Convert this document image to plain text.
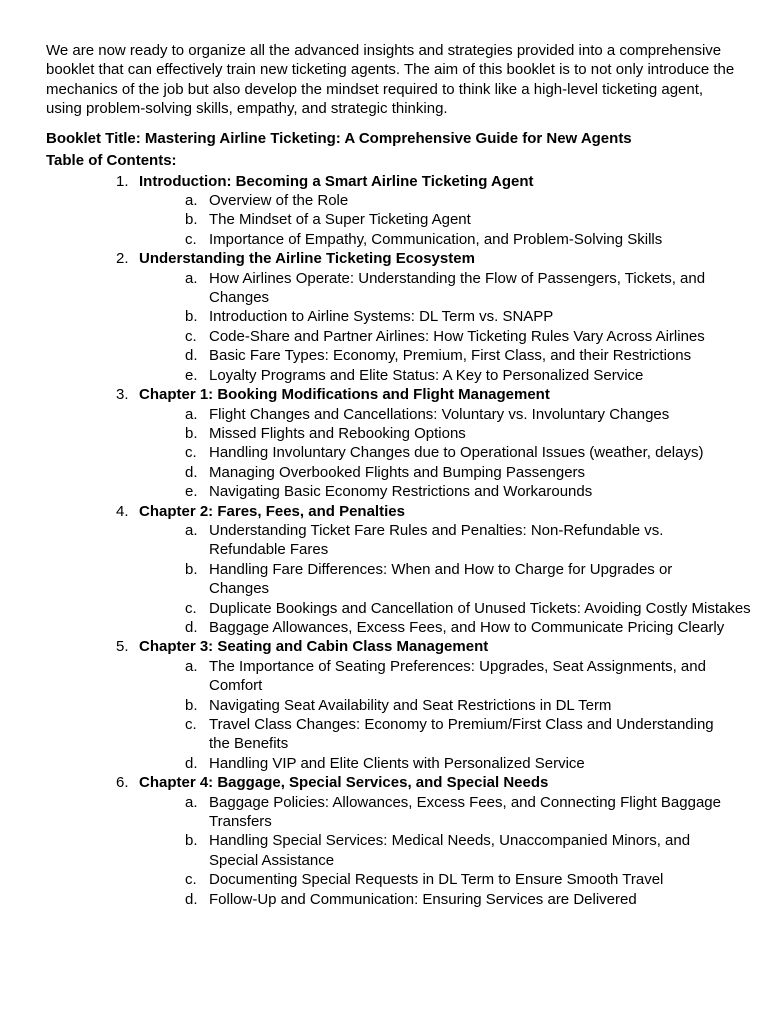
We are now ready to organize all the advanced insights and strategies provided into a comprehensive booklet that can effectively train new ticketing agents. The aim of this booklet is to not only introduce the mechanics of the job but also develop the mindset required to think like a high-level ticketing agent, using problem-solving skills, empathy, and strategic thinking.

Booklet Title: Mastering Airline Ticketing: A Comprehensive Guide for New Agents

Table of Contents:

1. Introduction: Becoming a Smart Airline Ticketing Agent
a. Overview of the Role
b. The Mindset of a Super Ticketing Agent
c. Importance of Empathy, Communication, and Problem-Solving Skills
2. Understanding the Airline Ticketing Ecosystem
a. How Airlines Operate: Understanding the Flow of Passengers, Tickets, and Changes
b. Introduction to Airline Systems: DL Term vs. SNAPP
c. Code-Share and Partner Airlines: How Ticketing Rules Vary Across Airlines
d. Basic Fare Types: Economy, Premium, First Class, and their Restrictions
e. Loyalty Programs and Elite Status: A Key to Personalized Service
3. Chapter 1: Booking Modifications and Flight Management
a. Flight Changes and Cancellations: Voluntary vs. Involuntary Changes
b. Missed Flights and Rebooking Options
c. Handling Involuntary Changes due to Operational Issues (weather, delays)
d. Managing Overbooked Flights and Bumping Passengers
e. Navigating Basic Economy Restrictions and Workarounds
4. Chapter 2: Fares, Fees, and Penalties
a. Understanding Ticket Fare Rules and Penalties: Non-Refundable vs. Refundable Fares
b. Handling Fare Differences: When and How to Charge for Upgrades or Changes
c. Duplicate Bookings and Cancellation of Unused Tickets: Avoiding Costly Mistakes
d. Baggage Allowances, Excess Fees, and How to Communicate Pricing Clearly
5. Chapter 3: Seating and Cabin Class Management
a. The Importance of Seating Preferences: Upgrades, Seat Assignments, and Comfort
b. Navigating Seat Availability and Seat Restrictions in DL Term
c. Travel Class Changes: Economy to Premium/First Class and Understanding the Benefits
d. Handling VIP and Elite Clients with Personalized Service
6. Chapter 4: Baggage, Special Services, and Special Needs
a. Baggage Policies: Allowances, Excess Fees, and Connecting Flight Baggage Transfers
b. Handling Special Services: Medical Needs, Unaccompanied Minors, and Special Assistance
c. Documenting Special Requests in DL Term to Ensure Smooth Travel
d. Follow-Up and Communication: Ensuring Services are Delivered
